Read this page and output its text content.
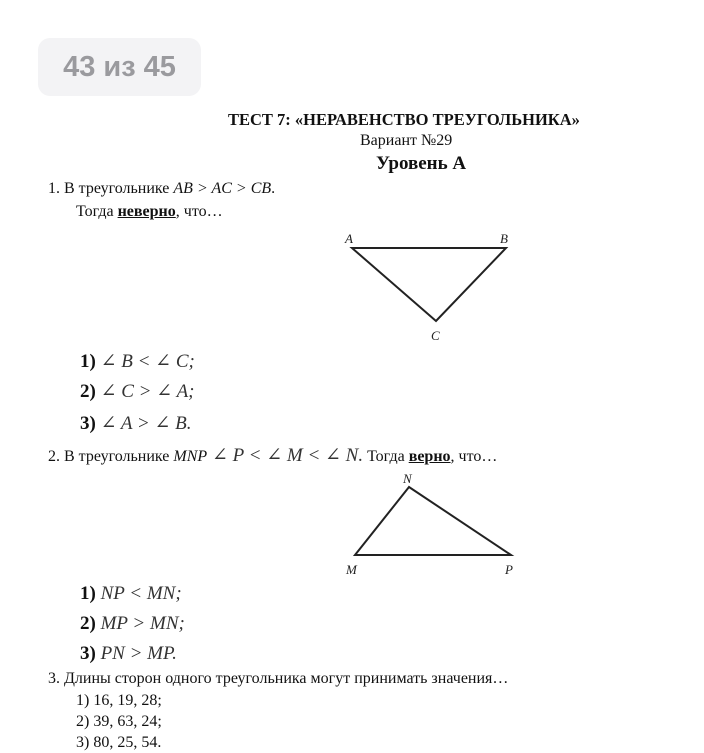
43 из 45
ТЕСТ 7: «НЕРАВЕНСТВО ТРЕУГОЛЬНИКА»
Вариант №29
Уровень А
1. В треугольнике AB > AC > CB.
Тогда неверно, что…
A	B
C
1) ∠ B < ∠ C;
2) ∠ C > ∠ A;
3) ∠ A > ∠ B.
2. В треугольнике MNP ∠ P < ∠ M < ∠ N. Тогда верно, что…
N
M	P
1) NP < MN;
2) MP > MN;
3) PN > MP.
3. Длины сторон одного треугольника могут принимать значения…
1) 16, 19, 28;
2) 39, 63, 24;
3) 80, 25, 54.
